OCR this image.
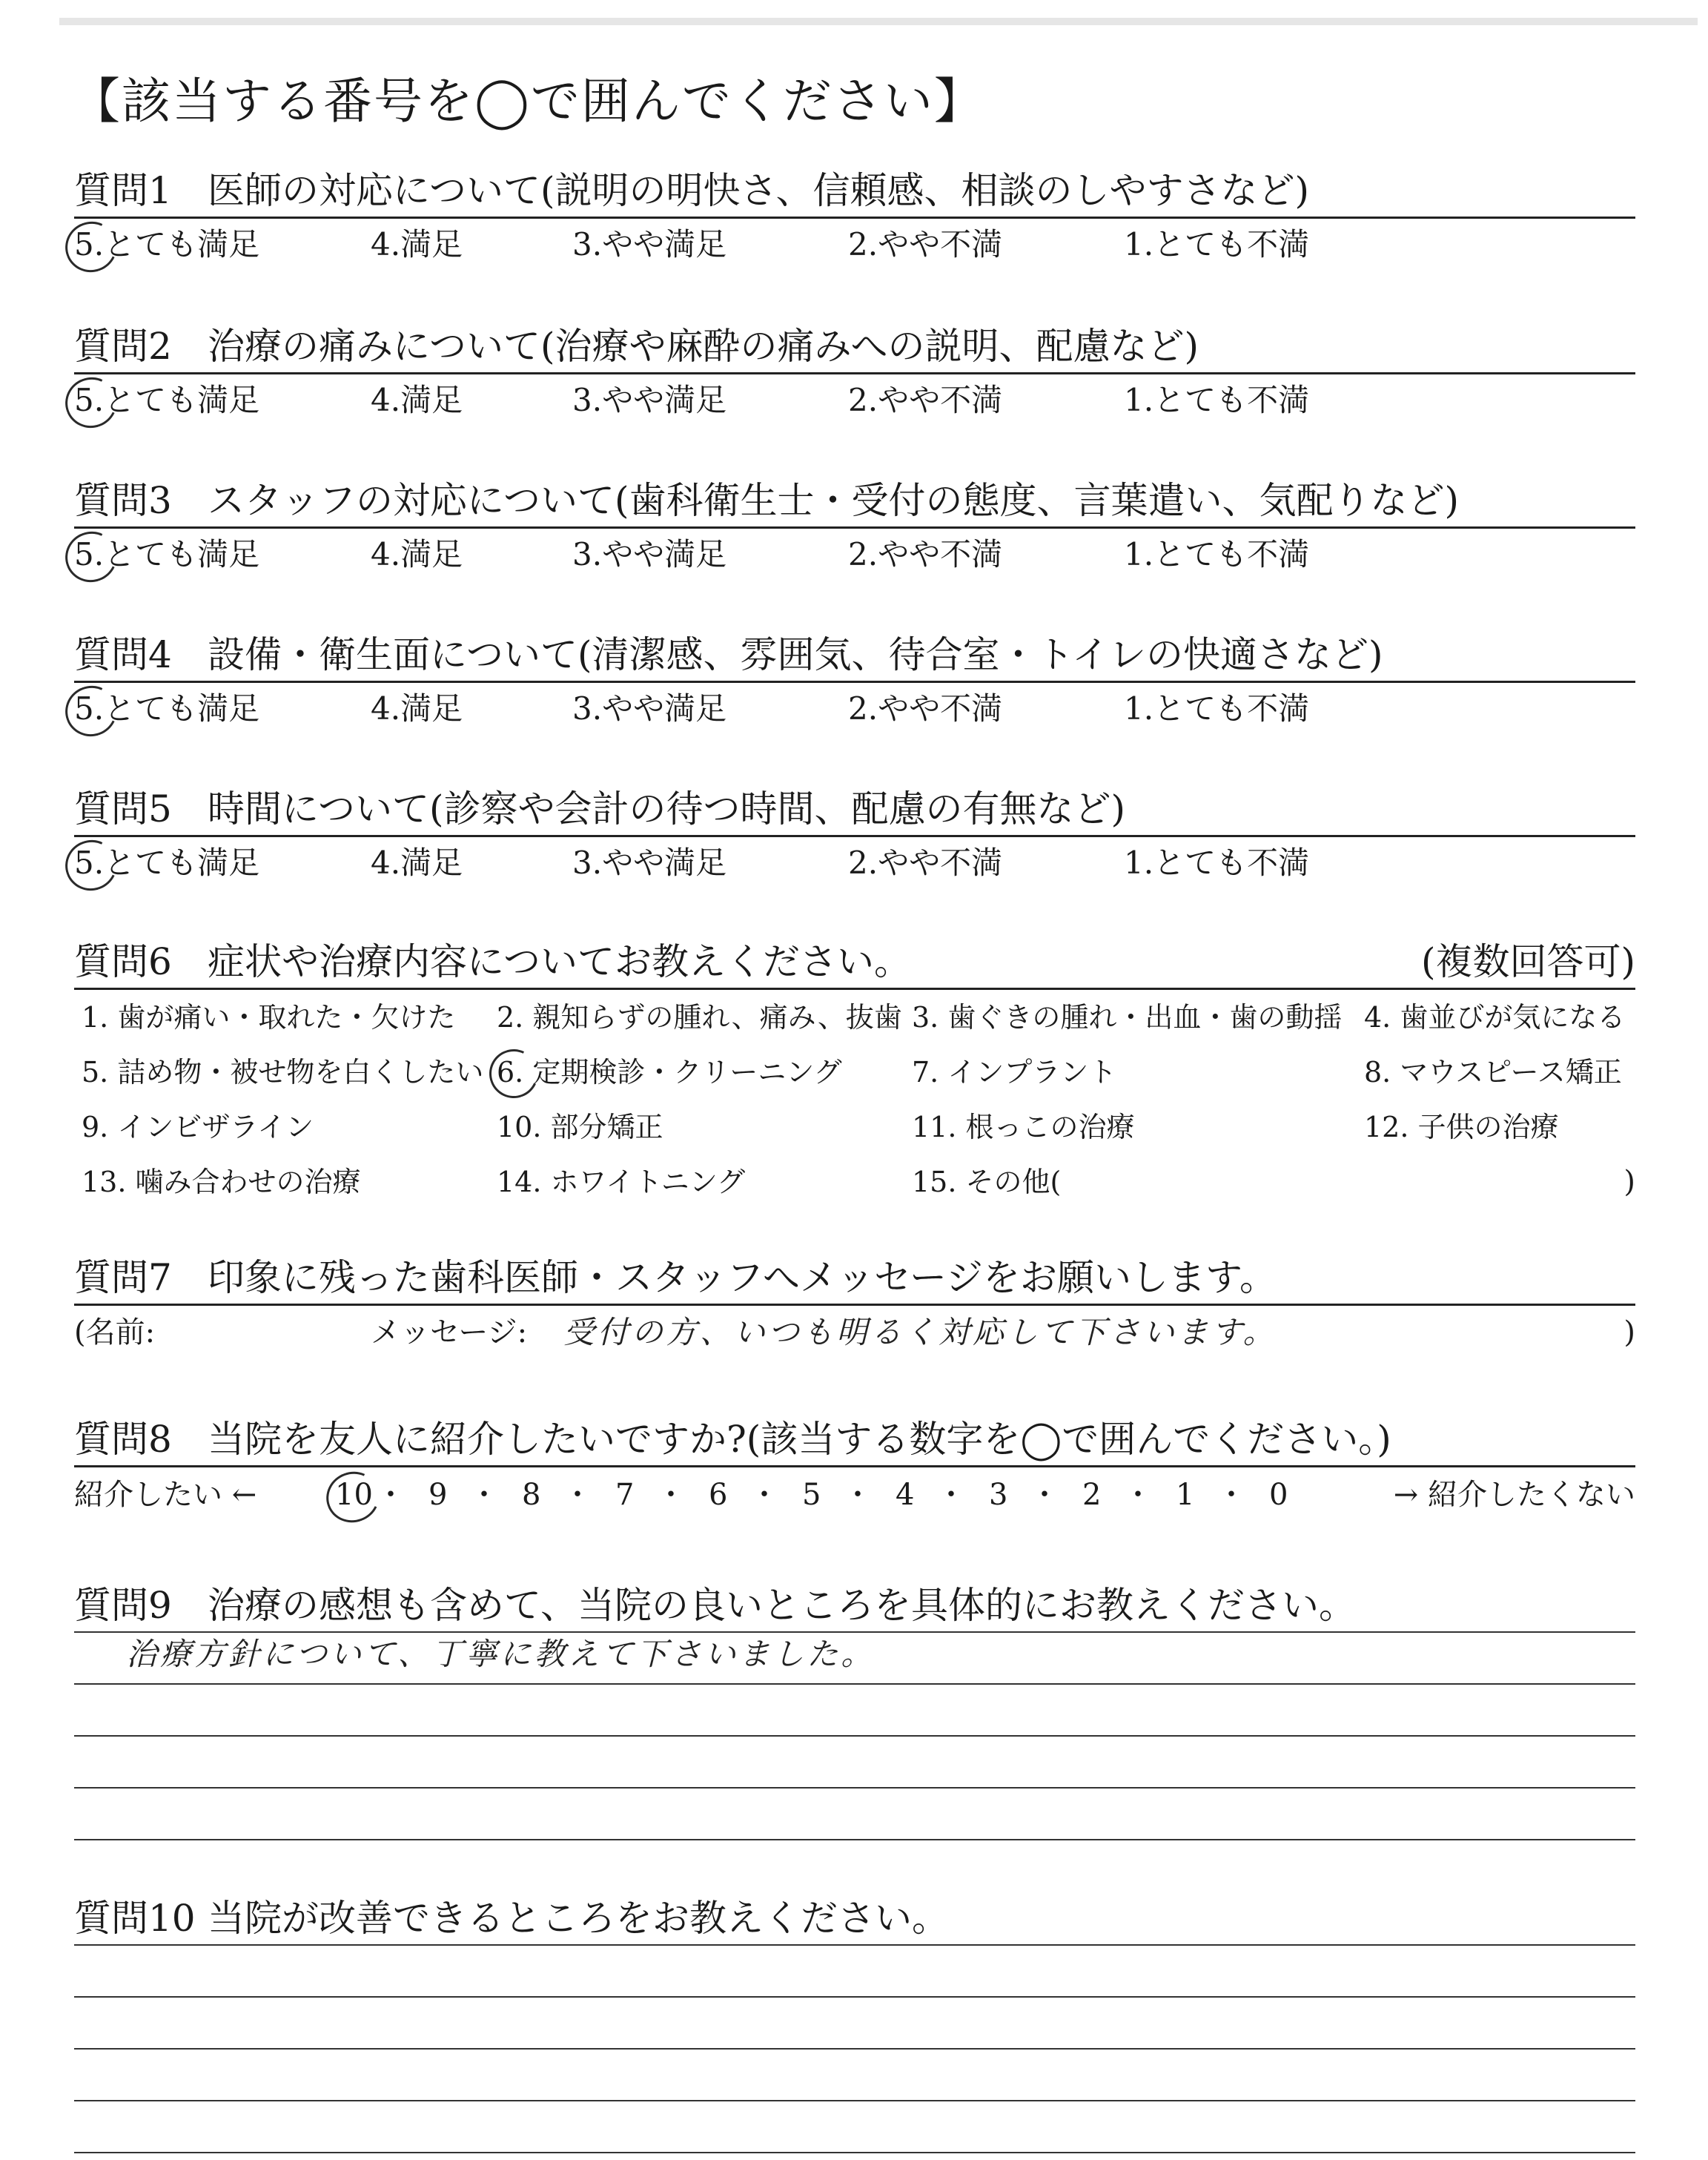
【該当する番号を◯で囲んでください】
質問1 医師の対応について(説明の明快さ、信頼感、相談のしやすさなど)
5.とても満足	4.満足	3.やや満足	2.やや不満	1.とても不満
質問2 治療の痛みについて(治療や麻酔の痛みへの説明、配慮など)
5.とても満足	4.満足	3.やや満足	2.やや不満	1.とても不満
質問3 スタッフの対応について(歯科衛生士・受付の態度、言葉遣い、気配りなど)
5.とても満足	4.満足	3.やや満足	2.やや不満	1.とても不満
質問4 設備・衛生面について(清潔感、雰囲気、待合室・トイレの快適さなど)
5.とても満足	4.満足	3.やや満足	2.やや不満	1.とても不満
質問5 時間について(診察や会計の待つ時間、配慮の有無など)
5.とても満足	4.満足	3.やや満足	2.やや不満	1.とても不満
質問6 症状や治療内容についてお教えください。	(複数回答可)
1. 歯が痛い・取れた・欠けた 2. 親知らずの腫れ、痛み、抜歯 3. 歯ぐきの腫れ・出血・歯の動揺 4. 歯並びが気になる
5. 詰め物・被せ物を白くしたい 6. 定期検診・クリーニング 7. インプラント	8. マウスピース矯正
9. インビザライン	10. 部分矯正	11. 根っこの治療	12. 子供の治療
13. 噛み合わせの治療	14. ホワイトニング	15. その他(	)
質問7 印象に残った歯科医師・スタッフへメッセージをお願いします。
(名前:	メッセージ: 受付の方、いつも明るく対応して下さいます。	)
質問8 当院を友人に紹介したいですか?(該当する数字を◯で囲んでください。)
紹介したい ←	→ 紹介したくない
10 ・ 9 ・ 8 ・ 7 ・ 6 ・ 5 ・ 4 ・ 3 ・ 2 ・ 1 ・ 0
質問9 治療の感想も含めて、当院の良いところを具体的にお教えください。
治療方針について、丁寧に教えて下さいました。
質問10 当院が改善できるところをお教えください。
